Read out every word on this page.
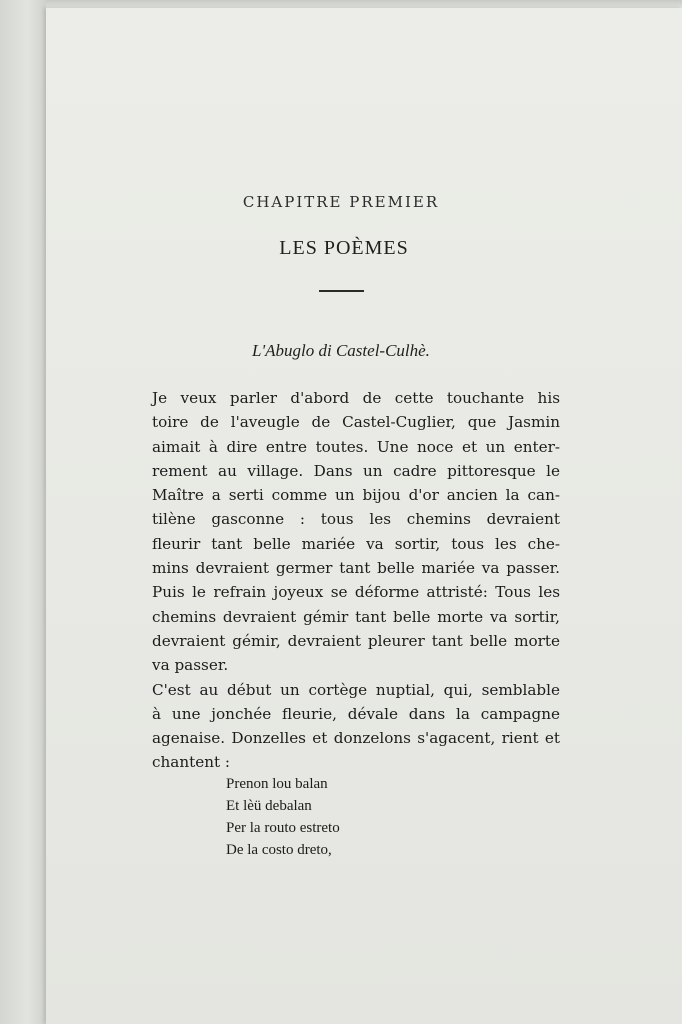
CHAPITRE PREMIER
LES POÈMES
L'Abuglo di Castel-Culhè.
Je veux parler d'abord de cette touchante his
toire de l'aveugle de Castel-Cuglier, que Jasmin
aimait à dire entre toutes. Une noce et un enter-
rement au village. Dans un cadre pittoresque le
Maître a serti comme un bijou d'or ancien la can-
tilène gasconne : tous les chemins devraient
fleurir tant belle mariée va sortir, tous les che-
mins devraient germer tant belle mariée va passer.
Puis le refrain joyeux se déforme attristé: Tous les
chemins devraient gémir tant belle morte va sortir,
devraient gémir, devraient pleurer tant belle morte
va passer.
C'est au début un cortège nuptial, qui, semblable
à une jonchée fleurie, dévale dans la campagne
agenaise. Donzelles et donzelons s'agacent, rient et
chantent :
Prenon lou balan
Et lèü debalan
Per la routo estreto
De la costo dreto,
